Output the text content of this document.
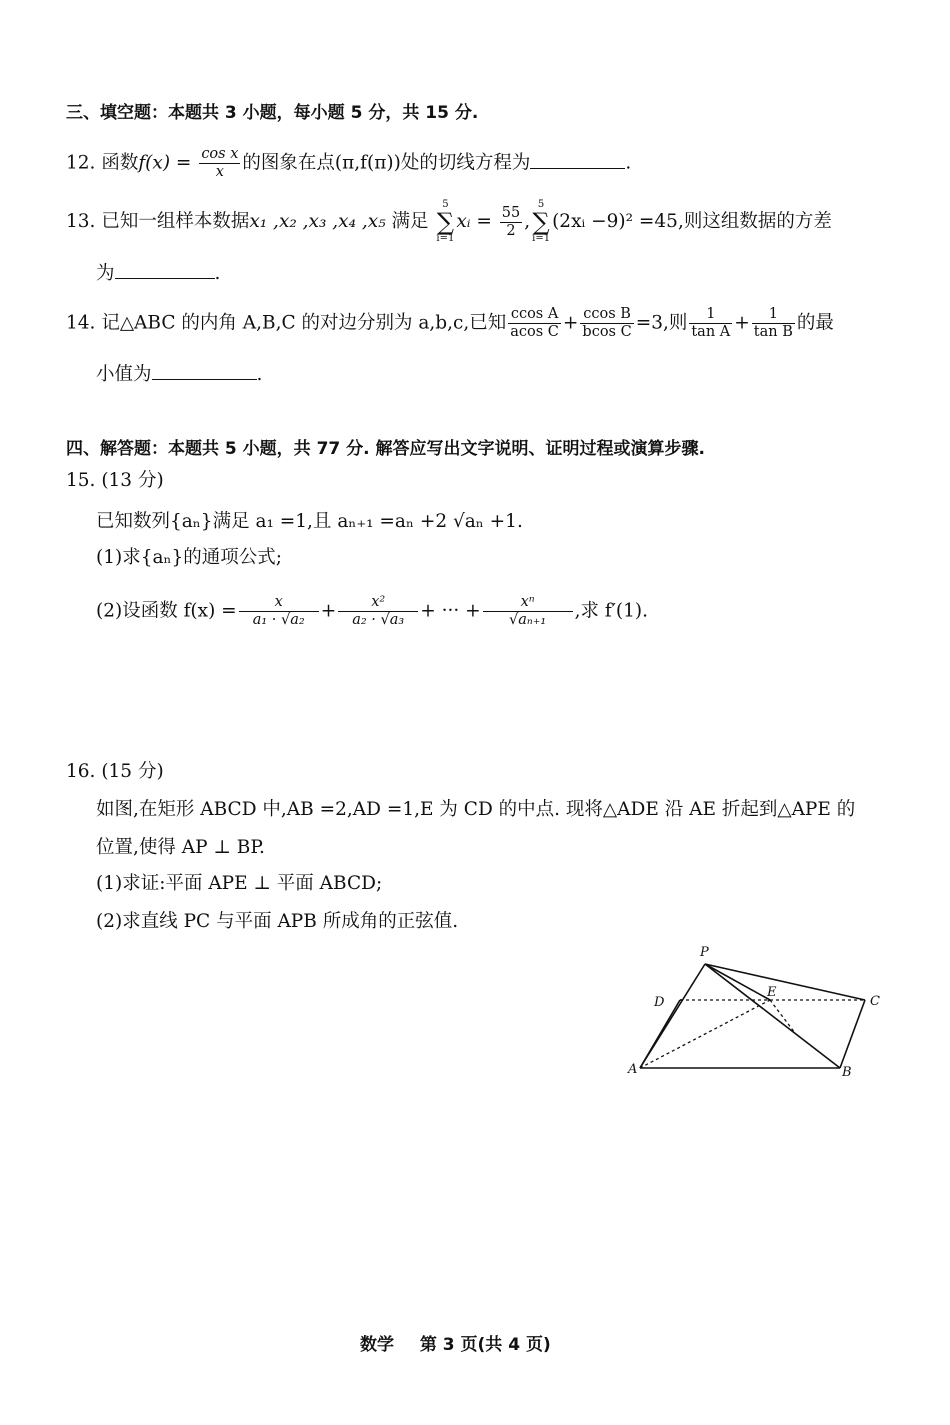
三、填空题：本题共 3 小题，每小题 5 分，共 15 分.
12. 函数$f(x) = \frac{\text{cos x}}{x}$ 的图象在点(π,f(π))处的切线方程为	.
13. 已知一组样本数据x₁ ,x₂ ,x₃ ,x₄ ,x₅ 满足
5
∑
i=1
xᵢ = $\frac{55}{2}$ ,
5
∑
i=1
(2xᵢ −9)² =45,则这组数据的方差
为	.
14. 记△ABC 的内角 A,B,C 的对边分别为 a,b,c,已知 $\frac{\text{ccos A}}{\text{acos C}} + \frac{\text{ccos B}}{\text{bcos C}} =3$,则 $\frac{1}{\text{tan A}} + \frac{1}{\text{tan B}}$ 的最
小值为	.
四、解答题：本题共 5 小题，共 77 分. 解答应写出文字说明、证明过程或演算步骤.
15. (13 分)
已知数列{aₙ}满足 a₁ =1,且 aₙ₊₁ =aₙ +2 √aₙ +1.
(1)求{aₙ}的通项公式;
(2)设函数 $f(x) = \frac{x}{\text{a₁ · √a₂}} + \frac{\text{x²}}{\text{a₂ · √a₃}}$ + ··· + $\frac{\text{xⁿ}}{\text{√aₙ₊₁}}$ ,求 f′(1).
16. (15 分)
如图,在矩形 ABCD 中,AB =2,AD =1,E 为 CD 的中点. 现将△ADE 沿 AE 折起到△APE 的
位置,使得 AP ⊥ BP.
(1)求证:平面 APE ⊥ 平面 ABCD;
(2)求直线 PC 与平面 APB 所成角的正弦值.
P
D
E
C
A	B
数学 第 3 页(共 4 页)
